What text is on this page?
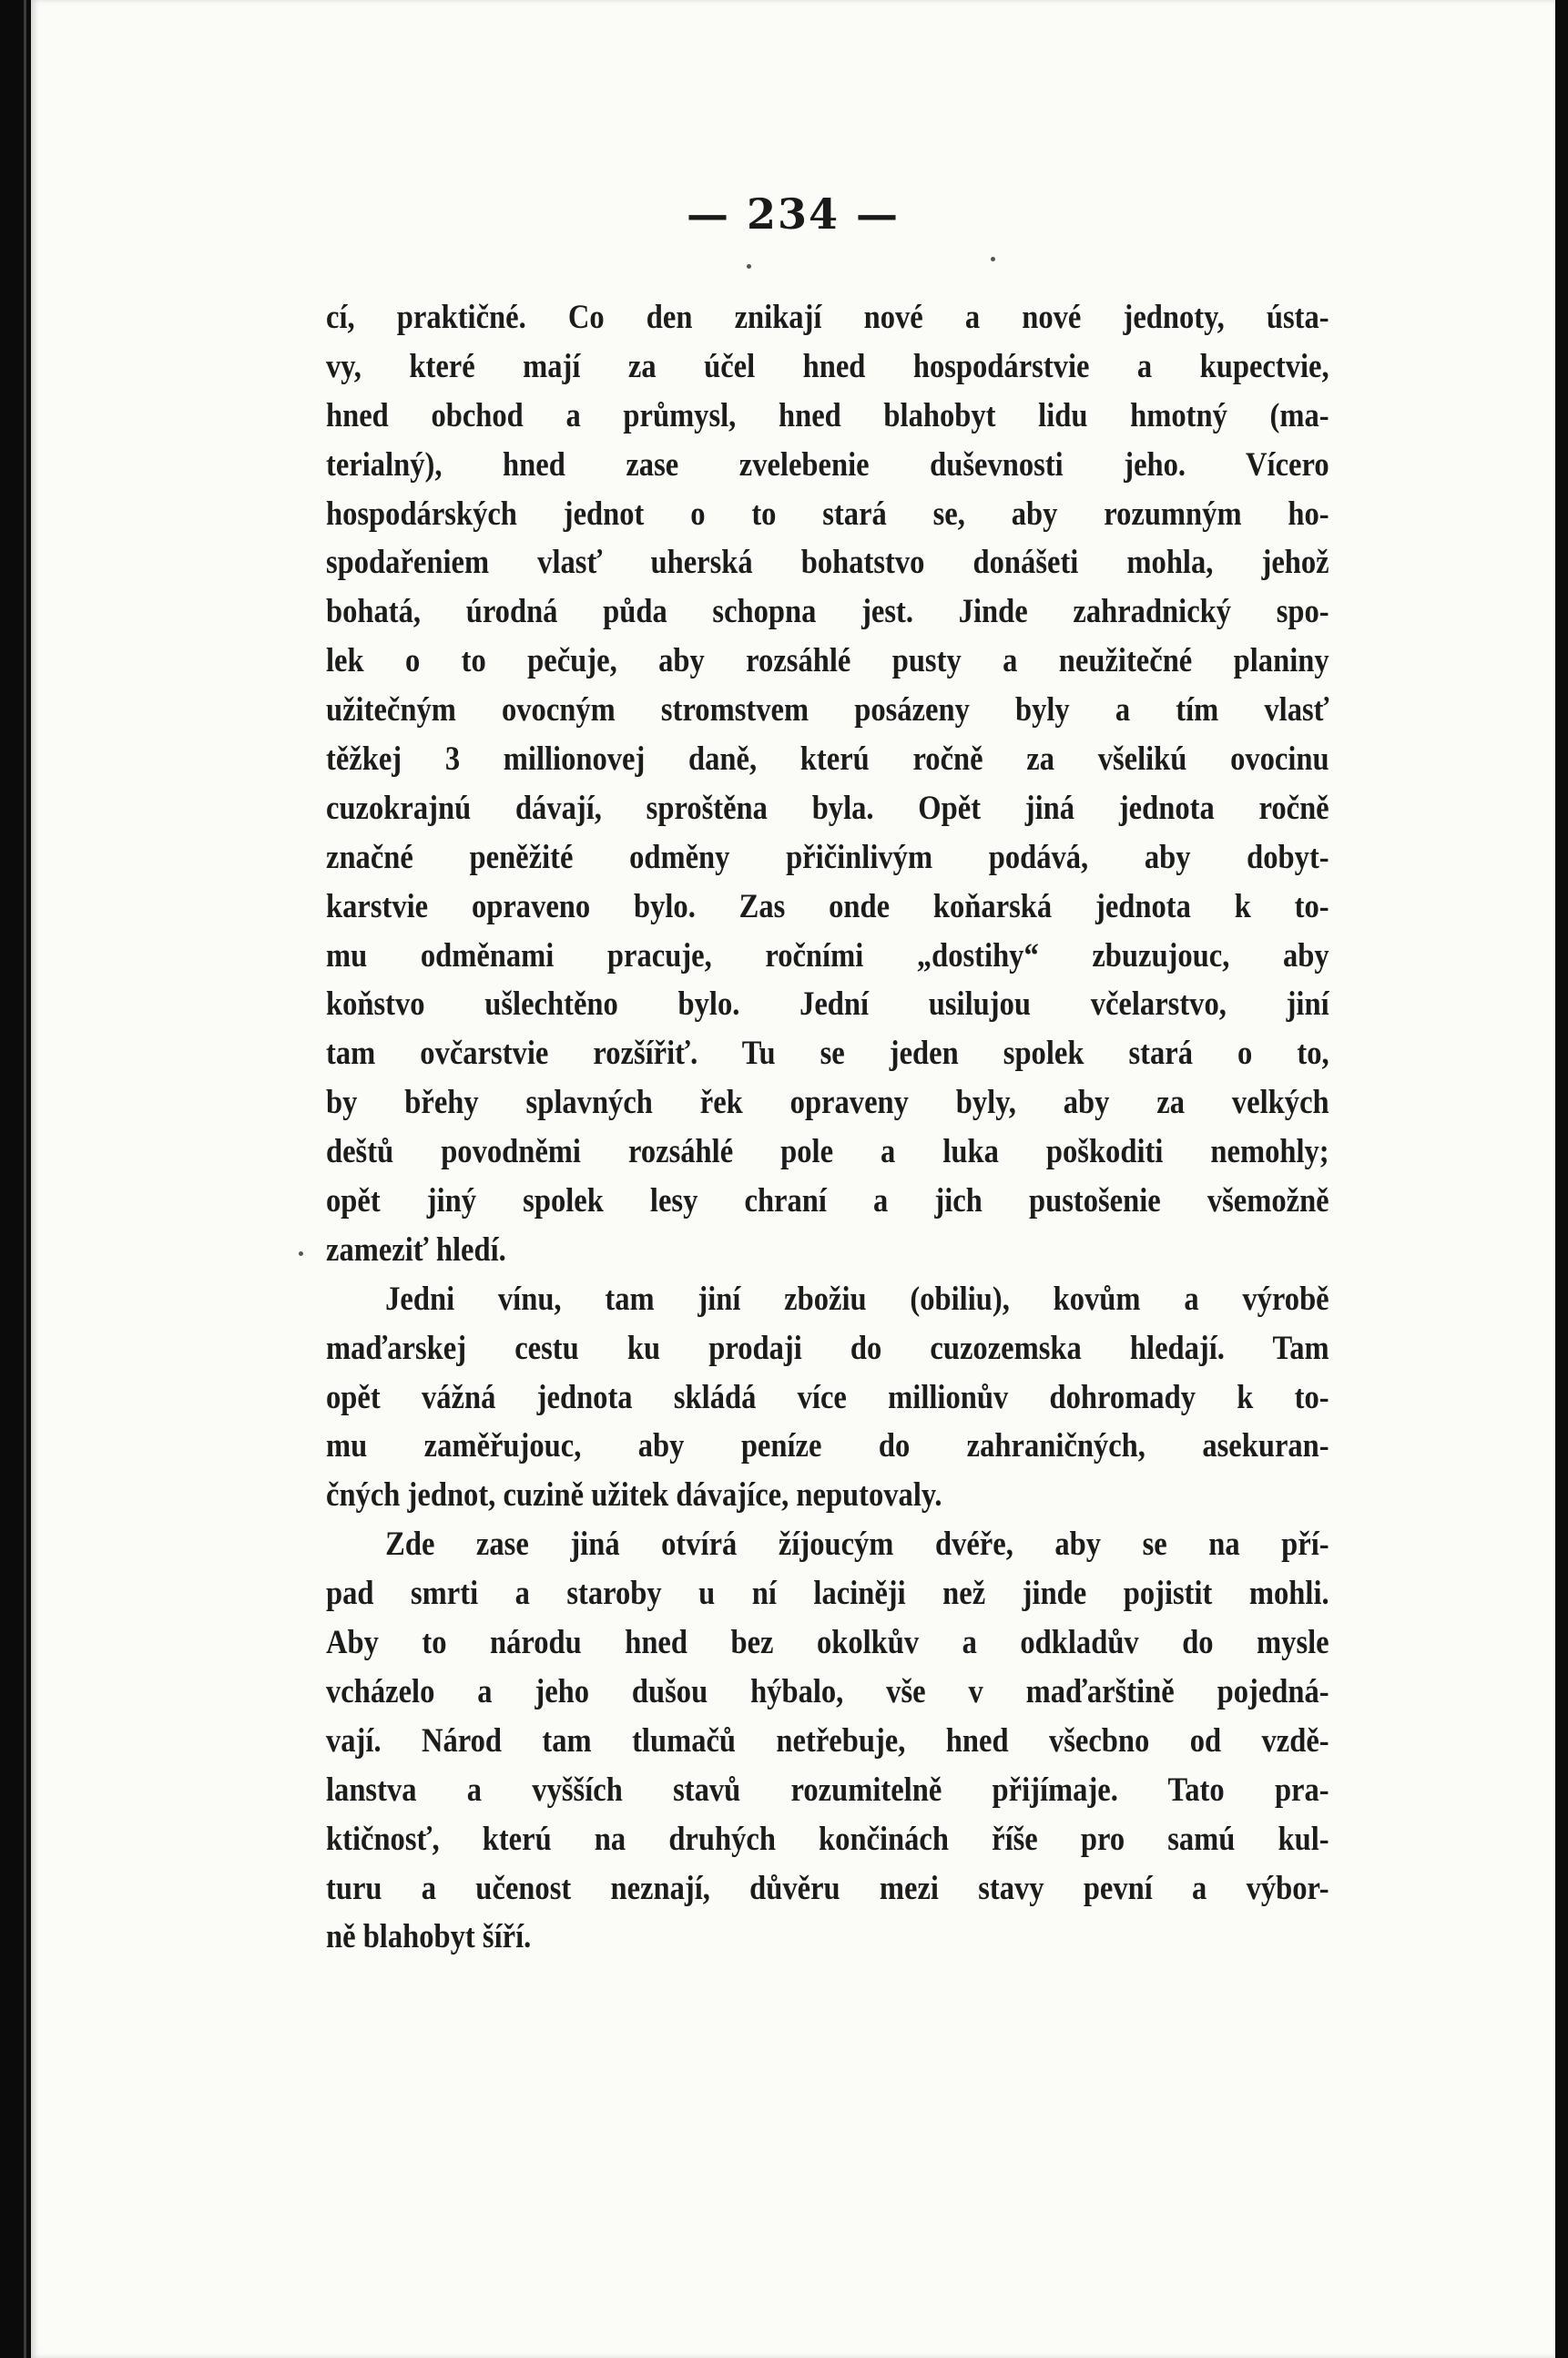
— 234 —
cí, praktičné. Co den znikají nové a nové jednoty, ústa-
vy, které mají za účel hned hospodárstvie a kupectvie,
hned obchod a průmysl, hned blahobyt lidu hmotný (ma-
terialný), hned zase zvelebenie duševnosti jeho. Vícero
hospodárských jednot o to stará se, aby rozumným ho-
spodařeniem vlasť uherská bohatstvo donášeti mohla, jehož
bohatá, úrodná půda schopna jest. Jinde zahradnický spo-
lek o to pečuje, aby rozsáhlé pusty a neužitečné planiny
užitečným ovocným stromstvem posázeny byly a tím vlasť
těžkej 3 millionovej daně, kterú ročně za všelikú ovocinu
cuzokrajnú dávají, sproštěna byla. Opět jiná jednota ročně
značné peněžité odměny přičinlivým podává, aby dobyt-
karstvie opraveno bylo. Zas onde koňarská jednota k to-
mu odměnami pracuje, ročními „dostihy“ zbuzujouc, aby
koňstvo ušlechtěno bylo. Jední usilujou včelarstvo, jiní
tam ovčarstvie rozšířiť. Tu se jeden spolek stará o to,
by břehy splavných řek opraveny byly, aby za velkých
deštů povodněmi rozsáhlé pole a luka poškoditi nemohly;
opět jiný spolek lesy chraní a jich pustošenie všemožně
zameziť hledí.
Jedni vínu, tam jiní zbožiu (obiliu), kovům a výrobě
maďarskej cestu ku prodaji do cuzozemska hledají. Tam
opět vážná jednota skládá více millionův dohromady k to-
mu zaměřujouc, aby peníze do zahraničných, asekuran-
čných jednot, cuzině užitek dávajíce, neputovaly.
Zde zase jiná otvírá žíjoucým dvéře, aby se na pří-
pad smrti a staroby u ní laciněji než jinde pojistit mohli.
Aby to národu hned bez okolkův a odkladův do mysle
vcházelo a jeho dušou hýbalo, vše v maďarštině pojedná-
vají. Národ tam tlumačů netřebuje, hned všecbno od vzdě-
lanstva a vyšších stavů rozumitelně přijímaje. Tato pra-
ktičnosť, kterú na druhých končinách říše pro samú kul-
turu a učenost neznají, důvěru mezi stavy pevní a výbor-
ně blahobyt šíří.
